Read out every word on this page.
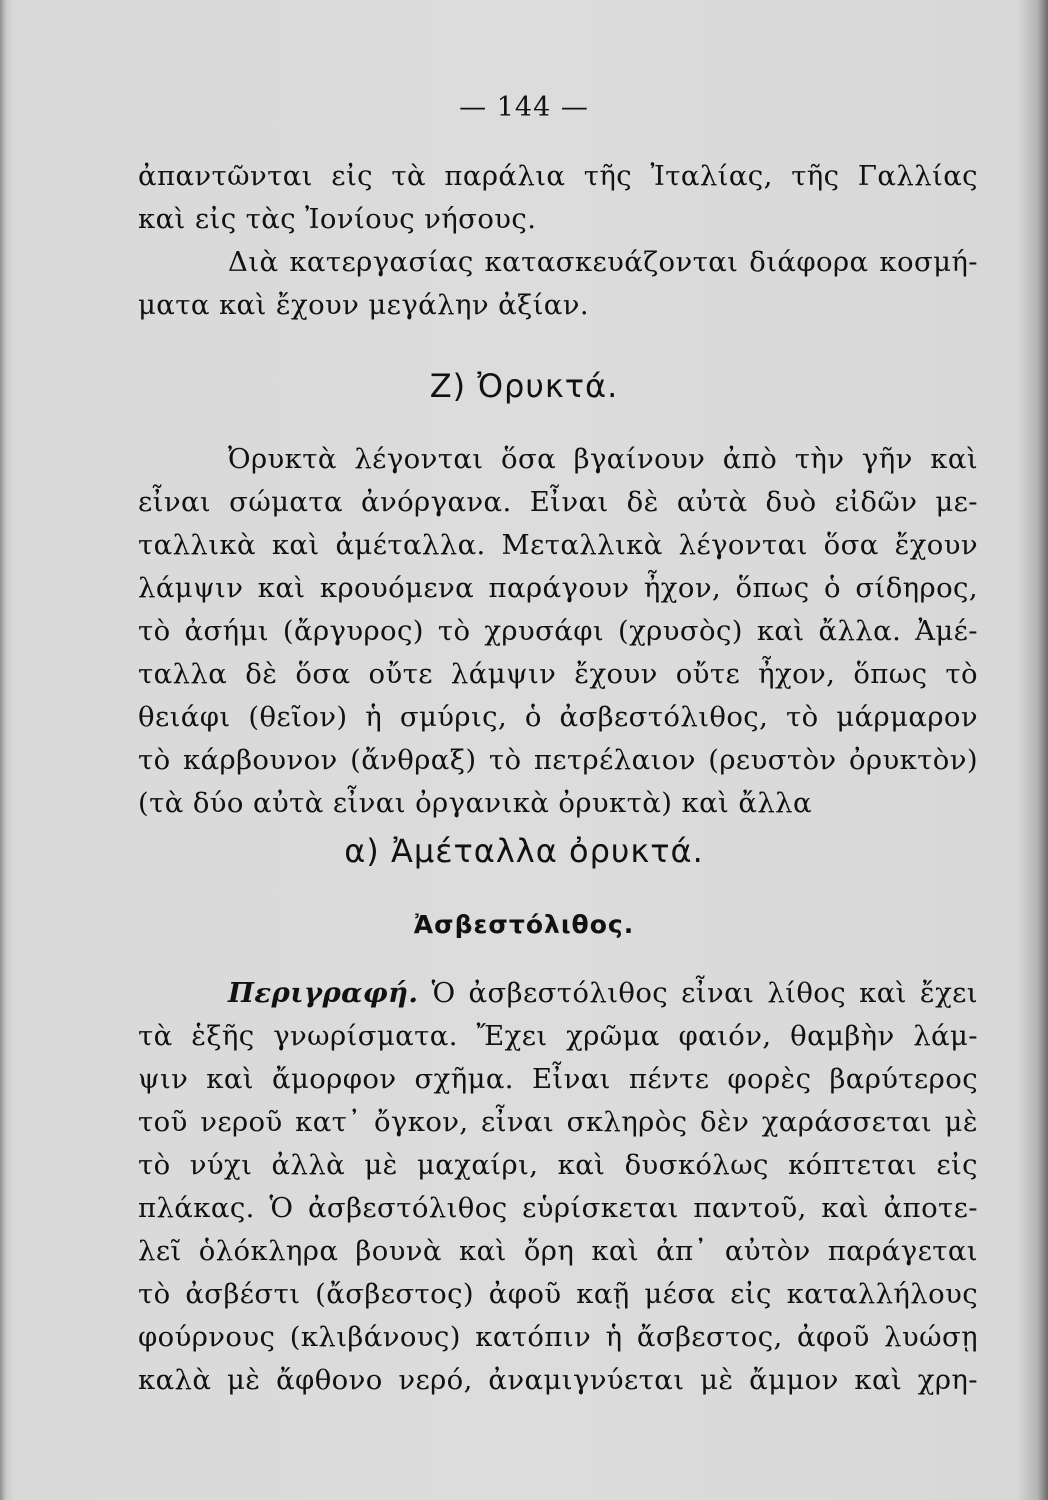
— 144 —
ἀπαντῶνται εἰς τὰ παράλια τῆς Ἰταλίας, τῆς Γαλλίας
καὶ εἰς τὰς Ἰονίους νήσους.
Διὰ κατεργασίας κατασκευάζονται διάφορα κοσμή-
ματα καὶ ἔχουν μεγάλην ἀξίαν.
Ζ) Ὀρυκτά.
Ὀρυκτὰ λέγονται ὅσα βγαίνουν ἀπὸ τὴν γῆν καὶ
εἶναι σώματα ἀνόργανα. Εἶναι δὲ αὐτὰ δυὸ εἰδῶν με-
ταλλικὰ καὶ ἀμέταλλα. Μεταλλικὰ λέγονται ὅσα ἔχουν
λάμψιν καὶ κρουόμενα παράγουν ἦχον, ὅπως ὁ σίδηρος,
τὸ ἀσήμι (ἄργυρος) τὸ χρυσάφι (χρυσὸς) καὶ ἄλλα. Ἀμέ-
ταλλα δὲ ὅσα οὔτε λάμψιν ἔχουν οὔτε ἦχον, ὅπως τὸ
θειάφι (θεῖον) ἡ σμύρις, ὁ ἀσβεστόλιθος, τὸ μάρμαρον
τὸ κάρβουνον (ἄνθραξ) τὸ πετρέλαιον (ρευστὸν ὀρυκτὸν)
(τὰ δύο αὐτὰ εἶναι ὀργανικὰ ὀρυκτὰ) καὶ ἄλλα
α) Ἀμέταλλα ὀρυκτά.
Ἀσβεστόλιθος.
Περιγραφή. Ὁ ἀσβεστόλιθος εἶναι λίθος καὶ ἔχει
τὰ ἑξῆς γνωρίσματα. Ἔχει χρῶμα φαιόν, θαμβὴν λάμ-
ψιν καὶ ἄμορφον σχῆμα. Εἶναι πέντε φορὲς βαρύτερος
τοῦ νεροῦ κατ᾽ ὄγκον, εἶναι σκληρὸς δὲν χαράσσεται μὲ
τὸ νύχι ἀλλὰ μὲ μαχαίρι, καὶ δυσκόλως κόπτεται εἰς
πλάκας. Ὁ ἀσβεστόλιθος εὑρίσκεται παντοῦ, καὶ ἀποτε-
λεῖ ὁλόκληρα βουνὰ καὶ ὄρη καὶ ἀπ᾽ αὐτὸν παράγεται
τὸ ἀσβέστι (ἄσβεστος) ἀφοῦ καῇ μέσα εἰς καταλλήλους
φούρνους (κλιβάνους) κατόπιν ἡ ἄσβεστος, ἀφοῦ λυώσῃ
καλὰ μὲ ἄφθονο νερό, ἀναμιγνύεται μὲ ἄμμον καὶ χρη-
